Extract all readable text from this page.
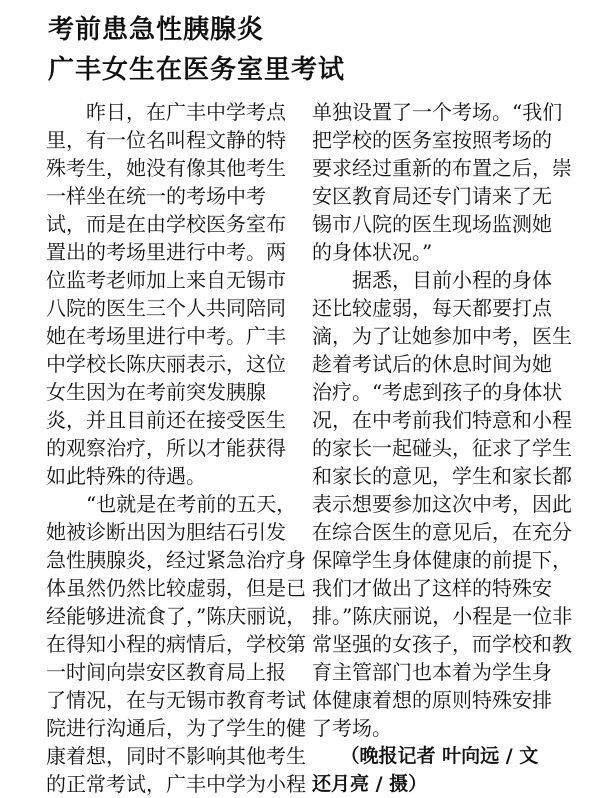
考前患急性胰腺炎
广丰女生在医务室里考试
　　昨日，在广丰中学考点
里，有一位名叫程文静的特
殊考生，她没有像其他考生
一样坐在统一的考场中考
试，而是在由学校医务室布
置出的考场里进行中考。两
位监考老师加上来自无锡市
八院的医生三个人共同陪同
她在考场里进行中考。广丰
中学校长陈庆丽表示，这位
女生因为在考前突发胰腺
炎，并且目前还在接受医生
的观察治疗，所以才能获得
如此特殊的待遇。
　　“也就是在考前的五天，
她被诊断出因为胆结石引发
急性胰腺炎，经过紧急治疗身
体虽然仍然比较虚弱，但是已
经能够进流食了，”陈庆丽说，
在得知小程的病情后，学校第
一时间向崇安区教育局上报
了情况，在与无锡市教育考试
院进行沟通后，为了学生的健
康着想，同时不影响其他考生
的正常考试，广丰中学为小程
单独设置了一个考场。“我们
把学校的医务室按照考场的
要求经过重新的布置之后，崇
安区教育局还专门请来了无
锡市八院的医生现场监测她
的身体状况。”
　　据悉，目前小程的身体
还比较虚弱，每天都要打点
滴，为了让她参加中考，医生
趁着考试后的休息时间为她
治疗。“考虑到孩子的身体状
况，在中考前我们特意和小程
的家长一起碰头，征求了学生
和家长的意见，学生和家长都
表示想要参加这次中考，因此
在综合医生的意见后，在充分
保障学生身体健康的前提下，
我们才做出了这样的特殊安
排。”陈庆丽说，小程是一位非
常坚强的女孩子，而学校和教
育主管部门也本着为学生身
体健康着想的原则特殊安排
了考场。
　　（晚报记者 叶向远 / 文
还月亮 / 摄）
